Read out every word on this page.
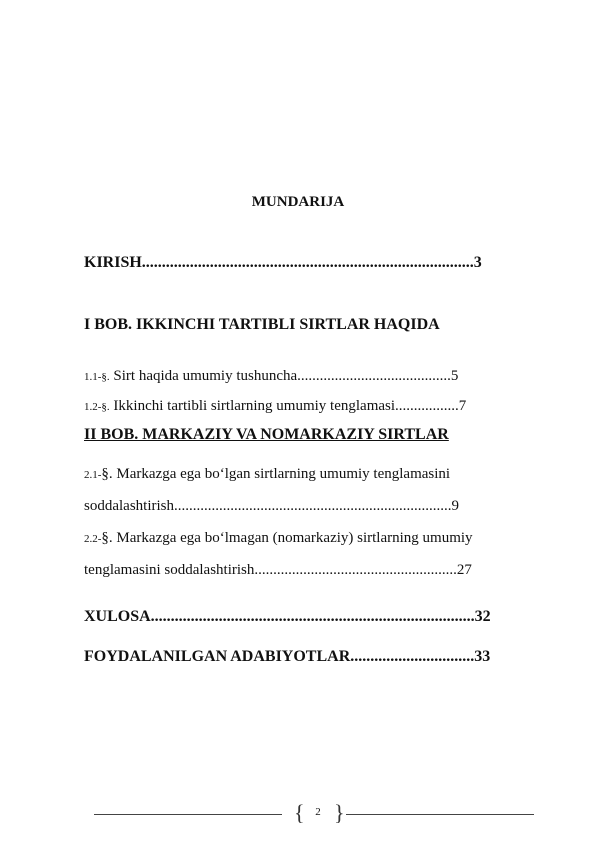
MUNDARIJA
KIRISH...................................................................................3
I BOB. IKKINCHI TARTIBLI SIRTLAR HAQIDA
1.1-§. Sirt haqida umumiy tushuncha.........................................5
1.2-§. Ikkinchi tartibli sirtlarning umumiy tenglamasi.................7
II BOB. MARKAZIY VA NOMARKAZIY SIRTLAR
2.1-§. Markazga ega bo‘lgan sirtlarning umumiy tenglamasini
soddalashtirish..........................................................................9
2.2-§. Markazga ega bo‘lmagan (nomarkaziy) sirtlarning umumiy
tenglamasini soddalashtirish......................................................27
XULOSA.................................................................................32
FOYDALANILGAN ADABIYOTLAR...............................33
{ 2 }
